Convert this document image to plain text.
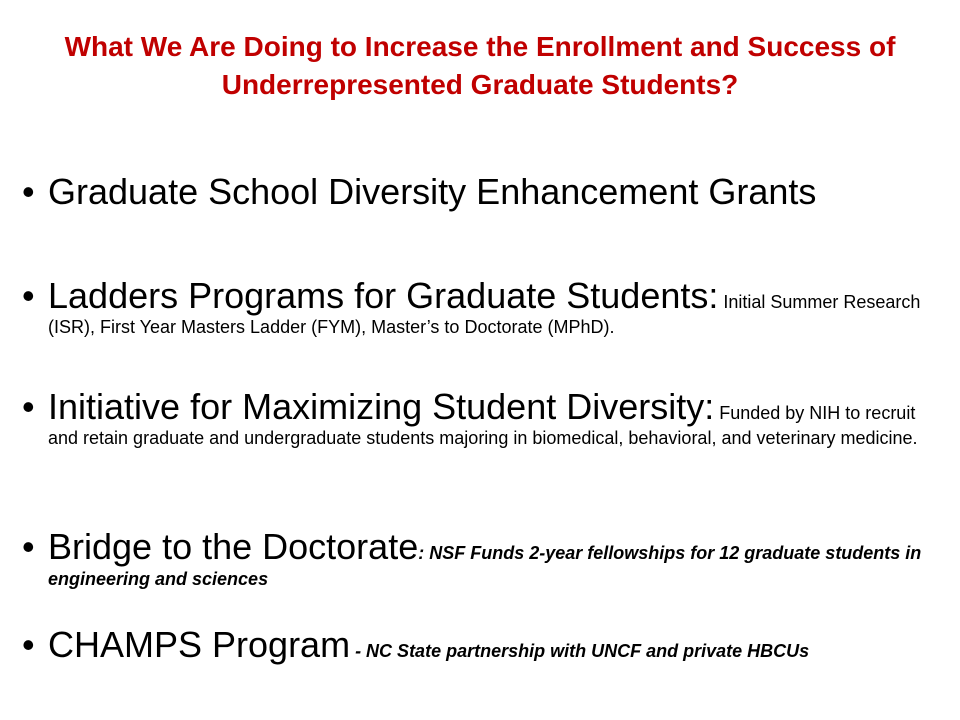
What We Are Doing to Increase the Enrollment and Success of Underrepresented Graduate Students?
• Graduate School Diversity Enhancement Grants
• Ladders Programs for Graduate Students: Initial Summer Research (ISR), First Year Masters Ladder (FYM), Master’s to Doctorate (MPhD).
• Initiative for Maximizing Student Diversity: Funded by NIH to recruit and retain graduate and undergraduate students majoring in biomedical, behavioral, and veterinary medicine.
• Bridge to the Doctorate: NSF Funds 2-year fellowships for 12 graduate students in engineering and sciences
• CHAMPS Program - NC State partnership with UNCF and private HBCUs
